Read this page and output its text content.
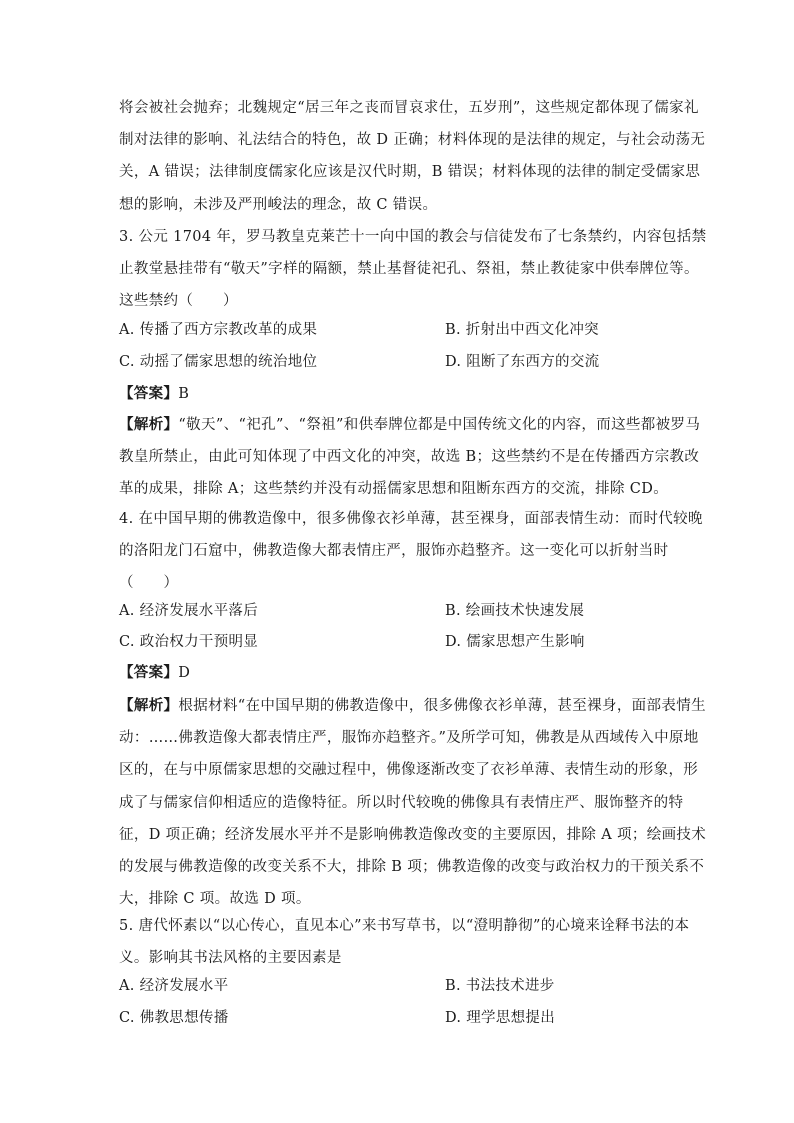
将会被社会抛弃；北魏规定“居三年之丧而冒哀求仕，五岁刑”，这些规定都体现了儒家礼
制对法律的影响、礼法结合的特色，故 D 正确；材料体现的是法律的规定，与社会动荡无
关，A 错误；法律制度儒家化应该是汉代时期，B 错误；材料体现的法律的制定受儒家思
想的影响，未涉及严刑峻法的理念，故 C 错误。
3. 公元 1704 年，罗马教皇克莱芒十一向中国的教会与信徒发布了七条禁约，内容包括禁
止教堂悬挂带有“敬天”字样的隔额，禁止基督徒祀孔、祭祖，禁止教徒家中供奉牌位等。
这些禁约（　　）
A. 传播了西方宗教改革的成果	B. 折射出中西文化冲突
C. 动摇了儒家思想的统治地位	D. 阻断了东西方的交流
【答案】B
【解析】“敬天”、“祀孔”、“祭祖”和供奉牌位都是中国传统文化的内容，而这些都被罗马
教皇所禁止，由此可知体现了中西文化的冲突，故选 B；这些禁约不是在传播西方宗教改
革的成果，排除 A；这些禁约并没有动摇儒家思想和阻断东西方的交流，排除 CD。
4. 在中国早期的佛教造像中，很多佛像衣衫单薄，甚至裸身，面部表情生动：而时代较晚
的洛阳龙门石窟中，佛教造像大都表情庄严，服饰亦趋整齐。这一变化可以折射当时
（　　）
A. 经济发展水平落后	B. 绘画技术快速发展
C. 政治权力干预明显	D. 儒家思想产生影响
【答案】D
【解析】根据材料“在中国早期的佛教造像中，很多佛像衣衫单薄，甚至裸身，面部表情生
动：……佛教造像大都表情庄严，服饰亦趋整齐。”及所学可知，佛教是从西域传入中原地
区的，在与中原儒家思想的交融过程中，佛像逐渐改变了衣衫单薄、表情生动的形象，形
成了与儒家信仰相适应的造像特征。所以时代较晚的佛像具有表情庄严、服饰整齐的特
征，D 项正确；经济发展水平并不是影响佛教造像改变的主要原因，排除 A 项；绘画技术
的发展与佛教造像的改变关系不大，排除 B 项；佛教造像的改变与政治权力的干预关系不
大，排除 C 项。故选 D 项。
5. 唐代怀素以“以心传心，直见本心”来书写草书，以“澄明静彻”的心境来诠释书法的本
义。影响其书法风格的主要因素是
A. 经济发展水平	B. 书法技术进步
C. 佛教思想传播	D. 理学思想提出
